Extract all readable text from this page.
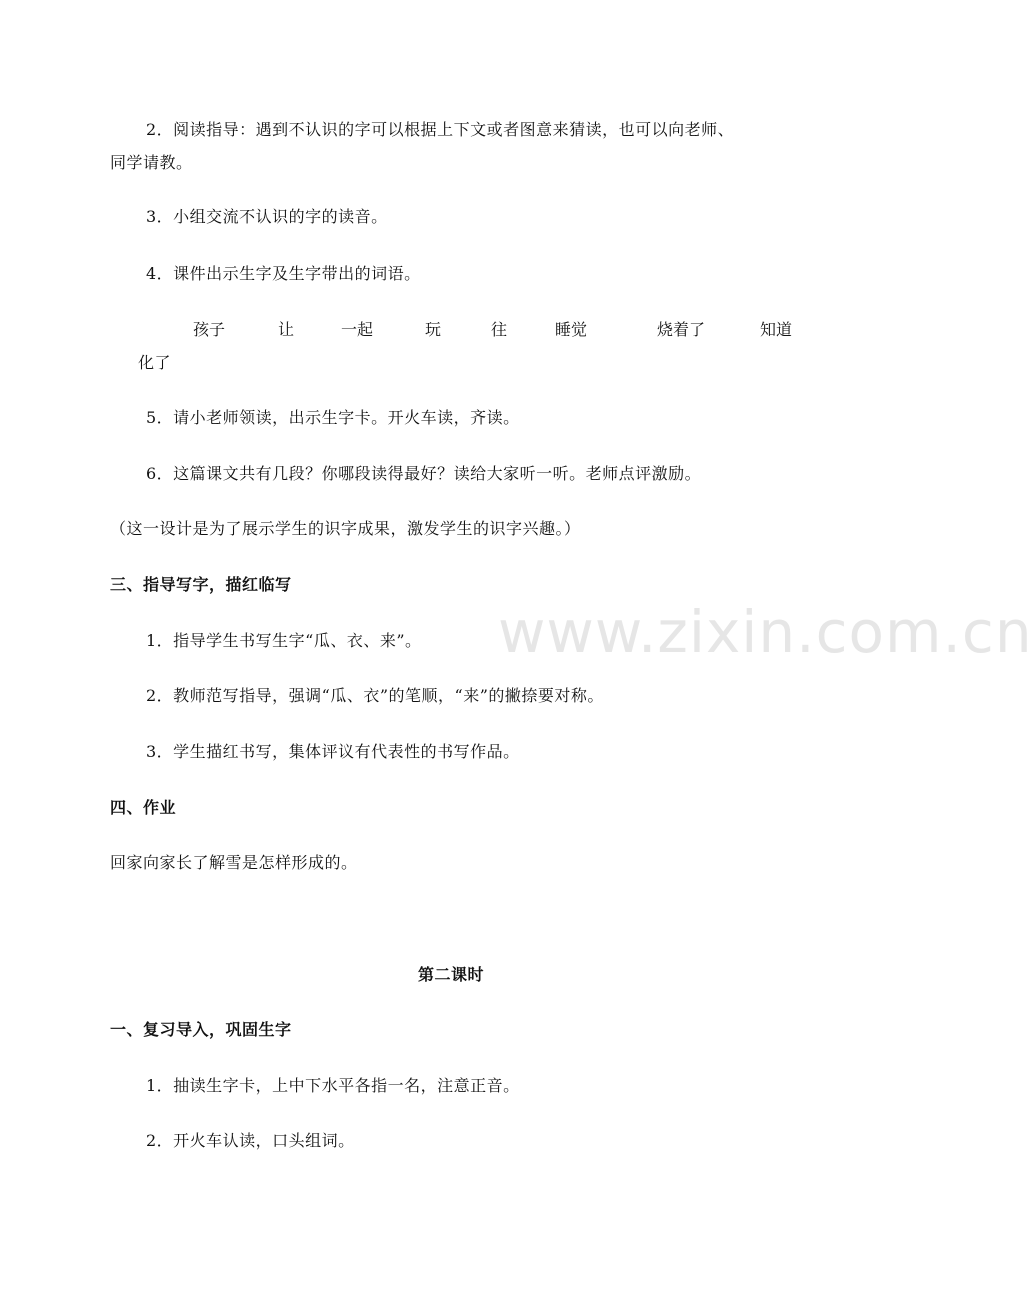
www.zixin.com.cn
2．阅读指导：遇到不认识的字可以根据上下文或者图意来猜读，也可以向老师、
同学请教。
3．小组交流不认识的字的读音。
4．课件出示生字及生字带出的词语。
孩子	让	一起	玩	往	睡觉	烧着了	知道
化了
5．请小老师领读，出示生字卡。开火车读，齐读。
6．这篇课文共有几段？你哪段读得最好？读给大家听一听。老师点评激励。
（这一设计是为了展示学生的识字成果，激发学生的识字兴趣。）
三、指导写字，描红临写
1．指导学生书写生字“瓜、衣、来”。
2．教师范写指导，强调“瓜、衣”的笔顺，“来”的撇捺要对称。
3．学生描红书写，集体评议有代表性的书写作品。
四、作业
回家向家长了解雪是怎样形成的。
第二课时
一、复习导入，巩固生字
1．抽读生字卡，上中下水平各指一名，注意正音。
2．开火车认读，口头组词。
